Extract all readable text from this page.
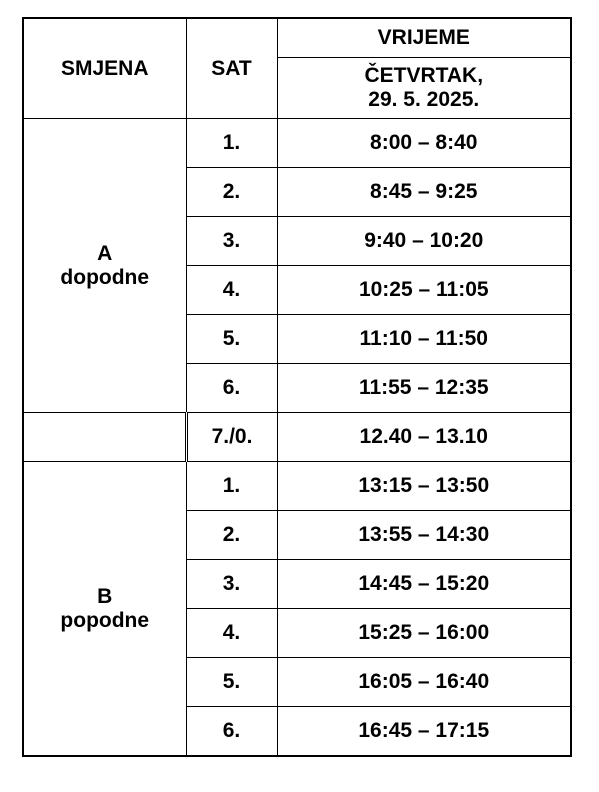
SMJENA	SAT	VRIJEME

		ČETVRTAK,
29. 5. 2025.

A
dopodne	1.	8:00 – 8:40
	2.	8:45 – 9:25
	3.	9:40 – 10:20
	4.	10:25 – 11:05
	5.	11:10 – 11:50
	6.	11:55 – 12:35
	7./0.	12.40 – 13.10

B
popodne	1.	13:15 – 13:50
	2.	13:55 – 14:30
	3.	14:45 – 15:20
	4.	15:25 – 16:00
	5.	16:05 – 16:40
	6.	16:45 – 17:15
